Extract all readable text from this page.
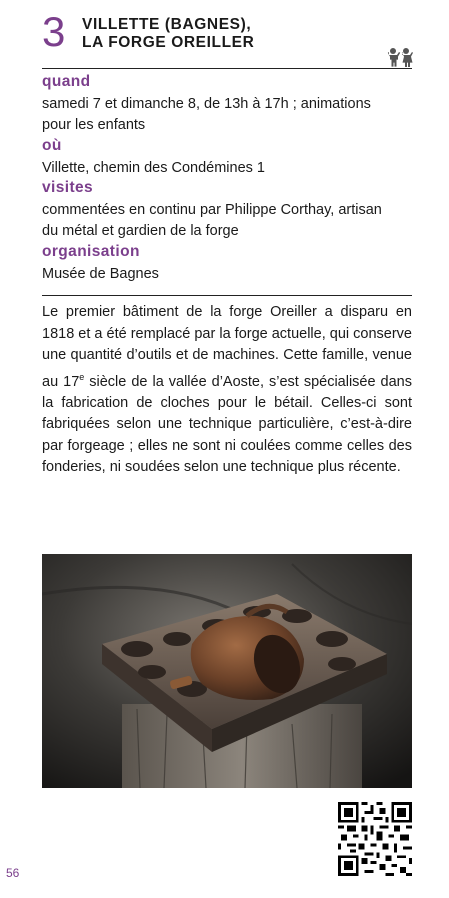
3 VILLETTE (BAGNES),
LA FORGE OREILLER
quand
samedi 7 et dimanche 8, de 13h à 17h ; animations
pour les enfants
où
Villette, chemin des Condémines 1
visites
commentées en continu par Philippe Corthay, artisan
du métal et gardien de la forge
organisation
Musée de Bagnes
Le premier bâtiment de la forge Oreiller a disparu en 1818 et a été remplacé par la forge actuelle, qui conserve une quantité d’outils et de machines. Cette famille, venue au 17e siècle de la vallée d’Aoste, s’est spécialisée dans la fabrication de cloches pour le bétail. Celles-ci sont fabriquées selon une technique particulière, c’est-à-dire par forgeage ; elles ne sont ni coulées comme celles des fonderies, ni soudées selon une technique plus récente.
56
